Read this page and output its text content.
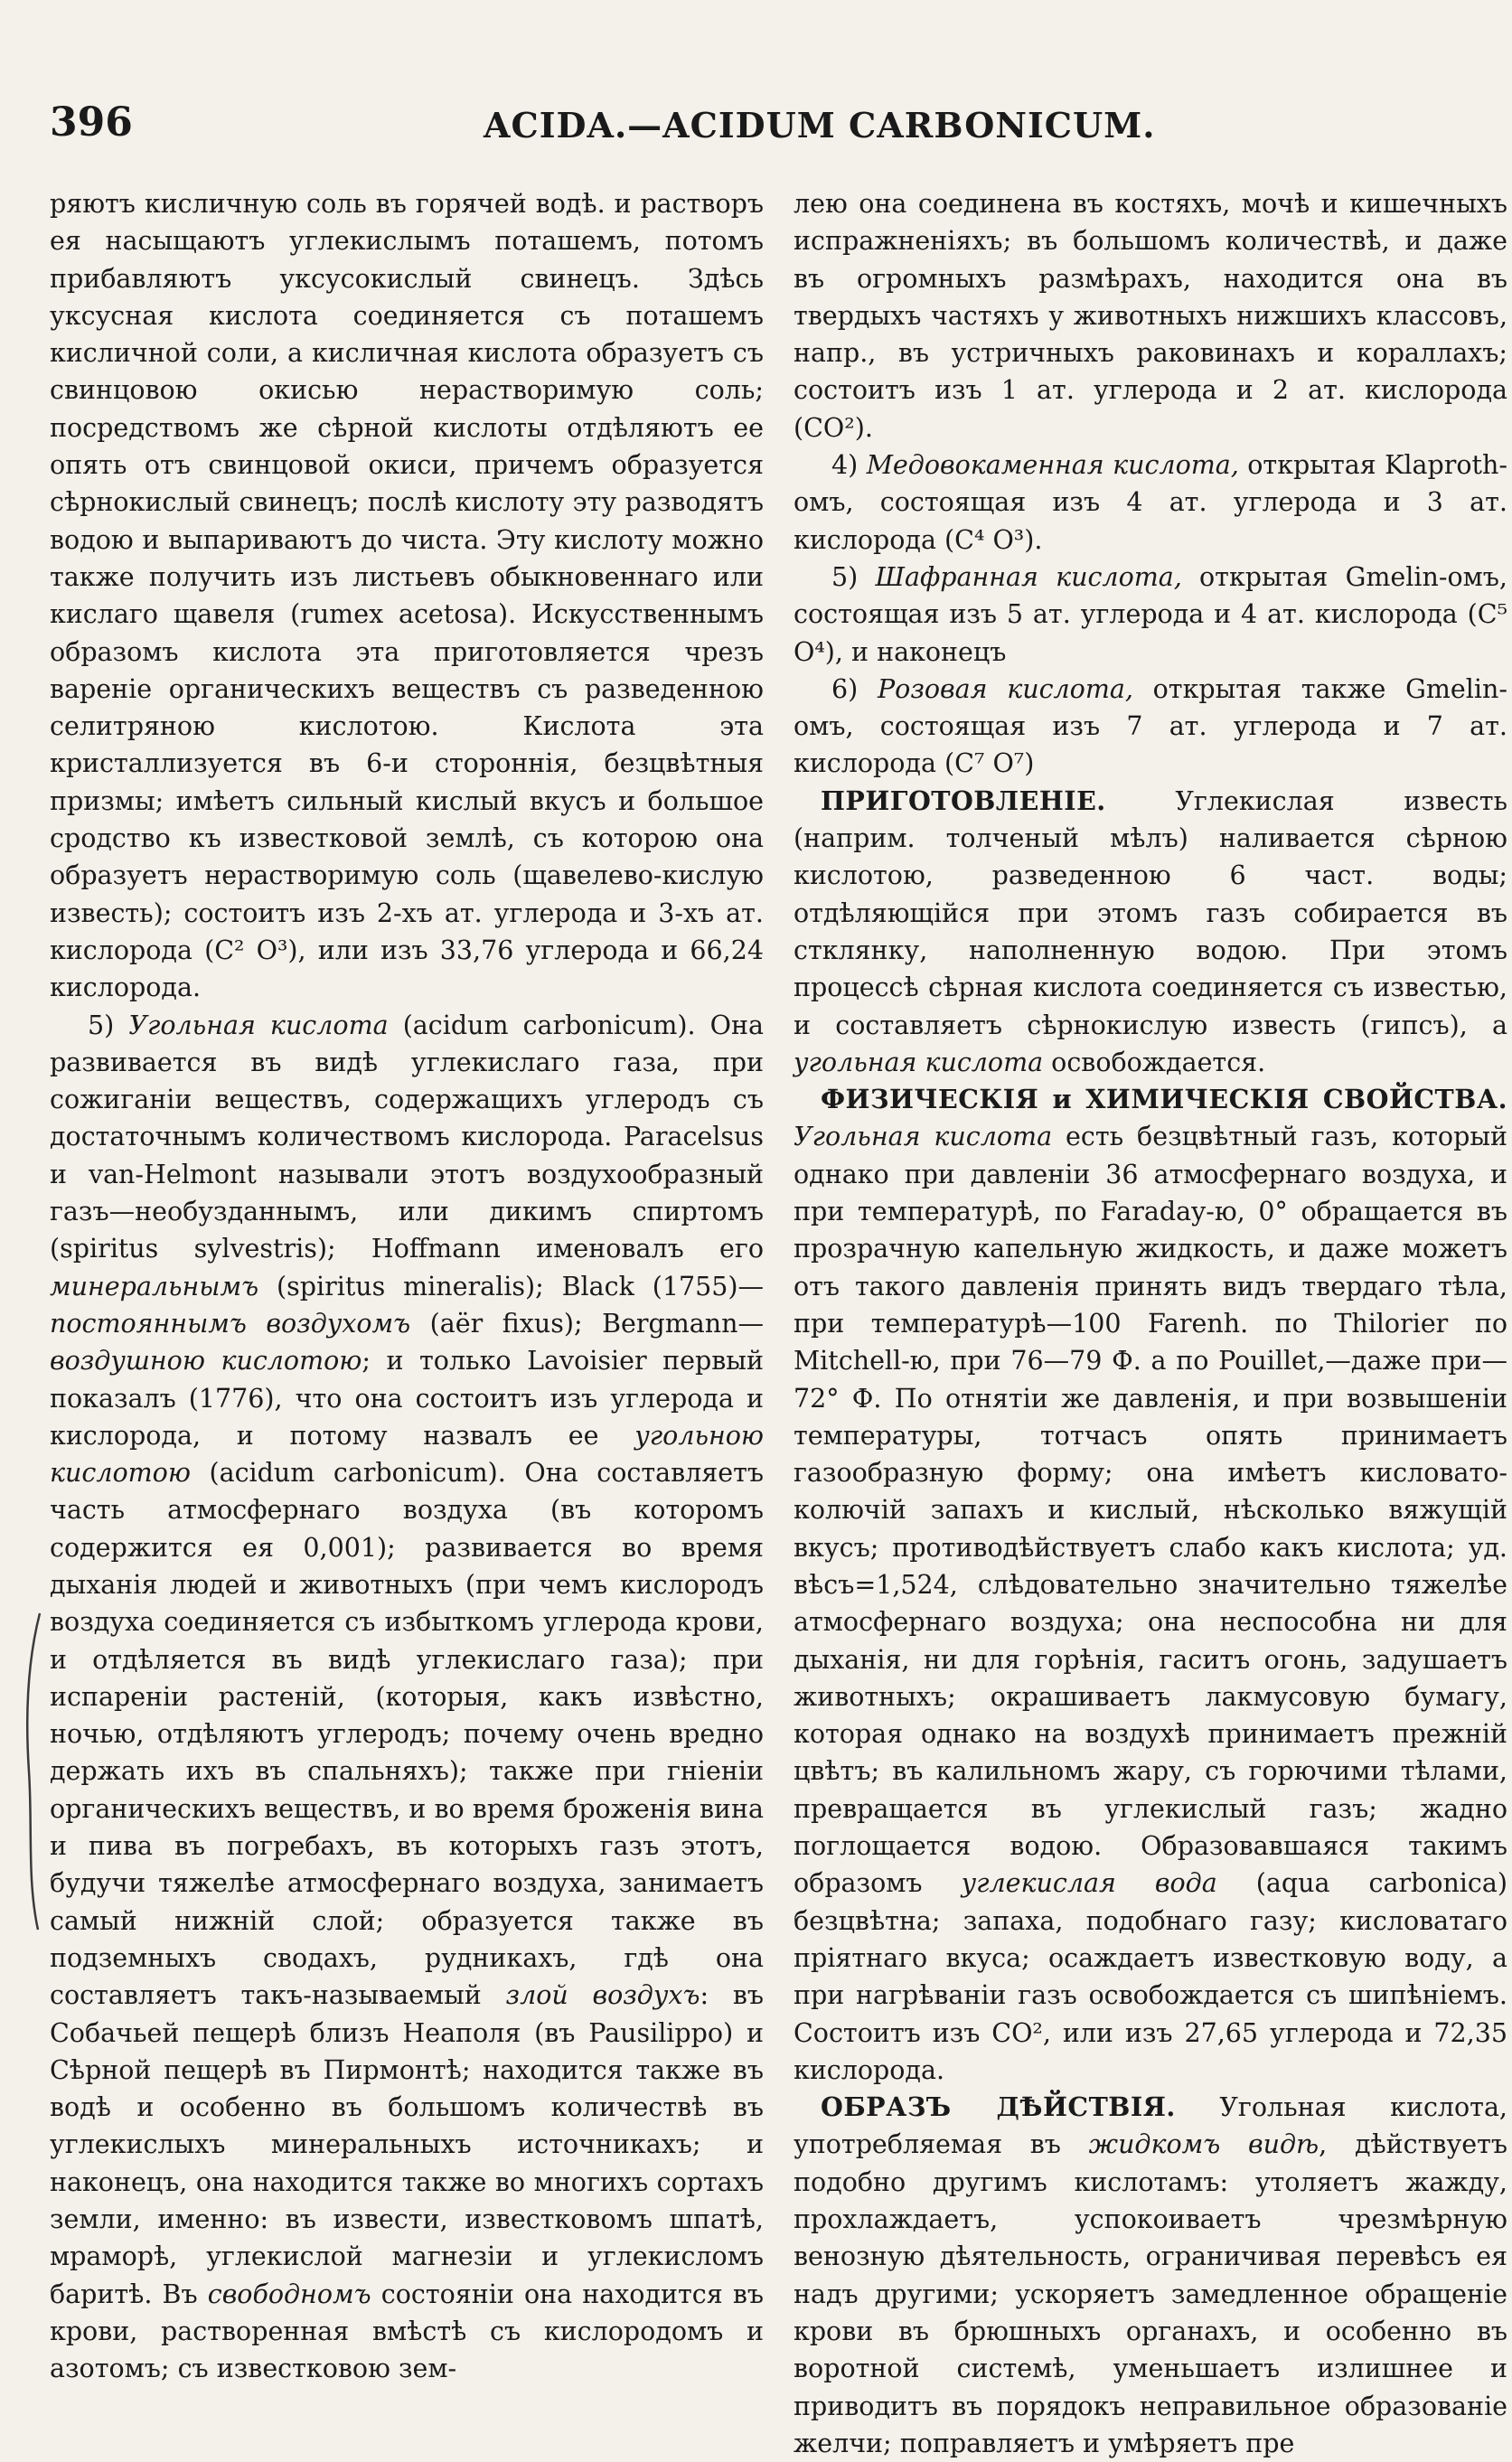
396	ACIDA.—ACIDUM CARBONICUM.

ряютъ кисличную соль въ горячей водѣ. и растворъ ея насыщаютъ углекислымъ поташемъ, потомъ прибавляютъ уксусокислый свинецъ. Здѣсь уксусная кислота соединяется съ поташемъ кисличной соли, а кисличная кислота образуетъ съ свинцовою окисью нерастворимую соль; посредствомъ же сѣрной кислоты отдѣляютъ ее опять отъ свинцовой окиси, причемъ образуется сѣрнокислый свинецъ; послѣ кислоту эту разводятъ водою и выпариваютъ до чиста. Эту кислоту можно также получить изъ листьевъ обыкновеннаго или кислаго щавеля (rumex acetosa). Искусственнымъ образомъ кислота эта приготовляется чрезъ вареніе органическихъ веществъ съ разведенною селитряною кислотою. Кислота эта кристаллизуется въ 6-и стороннія, безцвѣтныя призмы; имѣетъ сильный кислый вкусъ и большое сродство къ известковой землѣ, съ которою она образуетъ нерастворимую соль (щавелево-кислую известь); состоитъ изъ 2-хъ ат. углерода и 3-хъ ат. кислорода (C² O³), или изъ 33,76 углерода и 66,24 кислорода.

5) Угольная кислота (acidum carbonicum). Она развивается въ видѣ углекислаго газа, при сожиганіи веществъ, содержащихъ углеродъ съ достаточнымъ количествомъ кислорода. Paracelsus и van-Helmont называли этотъ воздухообразный газъ—необузданнымъ, или дикимъ спиртомъ (spiritus sylvestris); Hoffmann именовалъ его минеральнымъ (spiritus mineralis); Black (1755)—постояннымъ воздухомъ (aër fixus); Bergmann—воздушною кислотою; и только Lavoisier первый показалъ (1776), что она состоитъ изъ углерода и кислорода, и потому назвалъ ее угольною кислотою (acidum carbonicum). Она составляетъ часть атмосфернаго воздуха (въ которомъ содержится ея 0,001); развивается во время дыханія людей и животныхъ (при чемъ кислородъ воздуха соединяется съ избыткомъ углерода крови, и отдѣляется въ видѣ углекислаго газа); при испареніи растеній, (которыя, какъ извѣстно, ночью, отдѣляютъ углеродъ; почему очень вредно держать ихъ въ спальняхъ); также при гніеніи органическихъ веществъ, и во время броженія вина и пива въ погребахъ, въ которыхъ газъ этотъ, будучи тяжелѣе атмосфернаго воздуха, занимаетъ самый нижній слой; образуется также въ подземныхъ сводахъ, рудникахъ, гдѣ она составляетъ такъ-называемый злой воздухъ: въ Собачьей пещерѣ близъ Неаполя (въ Pausilippo) и Сѣрной пещерѣ въ Пирмонтѣ; находится также въ водѣ и особенно въ большомъ количествѣ въ углекислыхъ минеральныхъ источникахъ; и наконецъ, она находится также во многихъ сортахъ земли, именно: въ извести, известковомъ шпатѣ, мраморѣ, углекислой магнезіи и углекисломъ баритѣ. Въ свободномъ состояніи она находится въ крови, растворенная вмѣстѣ съ кислородомъ и азотомъ; съ известковою зем-

лею она соединена въ костяхъ, мочѣ и кишечныхъ испражненіяхъ; въ большомъ количествѣ, и даже въ огромныхъ размѣрахъ, находится она въ твердыхъ частяхъ у животныхъ нижшихъ классовъ, напр., въ устричныхъ раковинахъ и кораллахъ; состоитъ изъ 1 ат. углерода и 2 ат. кислорода (CO²).

4) Медовокаменная кислота, открытая Klaproth-омъ, состоящая изъ 4 ат. углерода и 3 ат. кислорода (C⁴ O³).

5) Шафранная кислота, открытая Gmelin-омъ, состоящая изъ 5 ат. углерода и 4 ат. кислорода (C⁵ O⁴), и наконецъ

6) Розовая кислота, открытая также Gmelin-омъ, состоящая изъ 7 ат. углерода и 7 ат. кислорода (C⁷ O⁷)

ПРИГОТОВЛЕНІЕ. Углекислая известь (наприм. толченый мѣлъ) наливается сѣрною кислотою, разведенною 6 част. воды; отдѣляющійся при этомъ газъ собирается въ стклянку, наполненную водою. При этомъ процессѣ сѣрная кислота соединяется съ известью, и составляетъ сѣрнокислую известь (гипсъ), а угольная кислота освобождается.

ФИЗИЧЕСКІЯ и ХИМИЧЕСКІЯ СВОЙСТВА. Угольная кислота есть безцвѣтный газъ, который однако при давленіи 36 атмосфернаго воздуха, и при температурѣ, по Faraday-ю, 0° обращается въ прозрачную капельную жидкость, и даже можетъ отъ такого давленія принять видъ твердаго тѣла, при температурѣ—100 Farenh. по Thilorier по Mitchell-ю, при 76—79 Ф. а по Pouillet,—даже при—72° Ф. По отнятіи же давленія, и при возвышеніи температуры, тотчасъ опять принимаетъ газообразную форму; она имѣетъ кисловато-колючій запахъ и кислый, нѣсколько вяжущій вкусъ; противодѣйствуетъ слабо какъ кислота; уд. вѣсъ=1,524, слѣдовательно значительно тяжелѣе атмосфернаго воздуха; она неспособна ни для дыханія, ни для горѣнія, гаситъ огонь, задушаетъ животныхъ; окрашиваетъ лакмусовую бумагу, которая однако на воздухѣ принимаетъ прежній цвѣтъ; въ калильномъ жару, съ горючими тѣлами, превращается въ углекислый газъ; жадно поглощается водою. Образовавшаяся такимъ образомъ углекислая вода (aqua carbonica) безцвѣтна; запаха, подобнаго газу; кисловатаго пріятнаго вкуса; осаждаетъ известковую воду, а при нагрѣваніи газъ освобождается съ шипѣніемъ. Состоитъ изъ CO², или изъ 27,65 углерода и 72,35 кислорода.

ОБРАЗЪ ДѢЙСТВІЯ. Угольная кислота, употребляемая въ жидкомъ видѣ, дѣйствуетъ подобно другимъ кислотамъ: утоляетъ жажду, прохлаждаетъ, успокоиваетъ чрезмѣрную венозную дѣятельность, ограничивая перевѣсъ ея надъ другими; ускоряетъ замедленное обращеніе крови въ брюшныхъ органахъ, и особенно въ воротной системѣ, уменьшаетъ излишнее и приводитъ въ порядокъ неправильное образованіе желчи; поправляетъ и умѣряетъ пре
